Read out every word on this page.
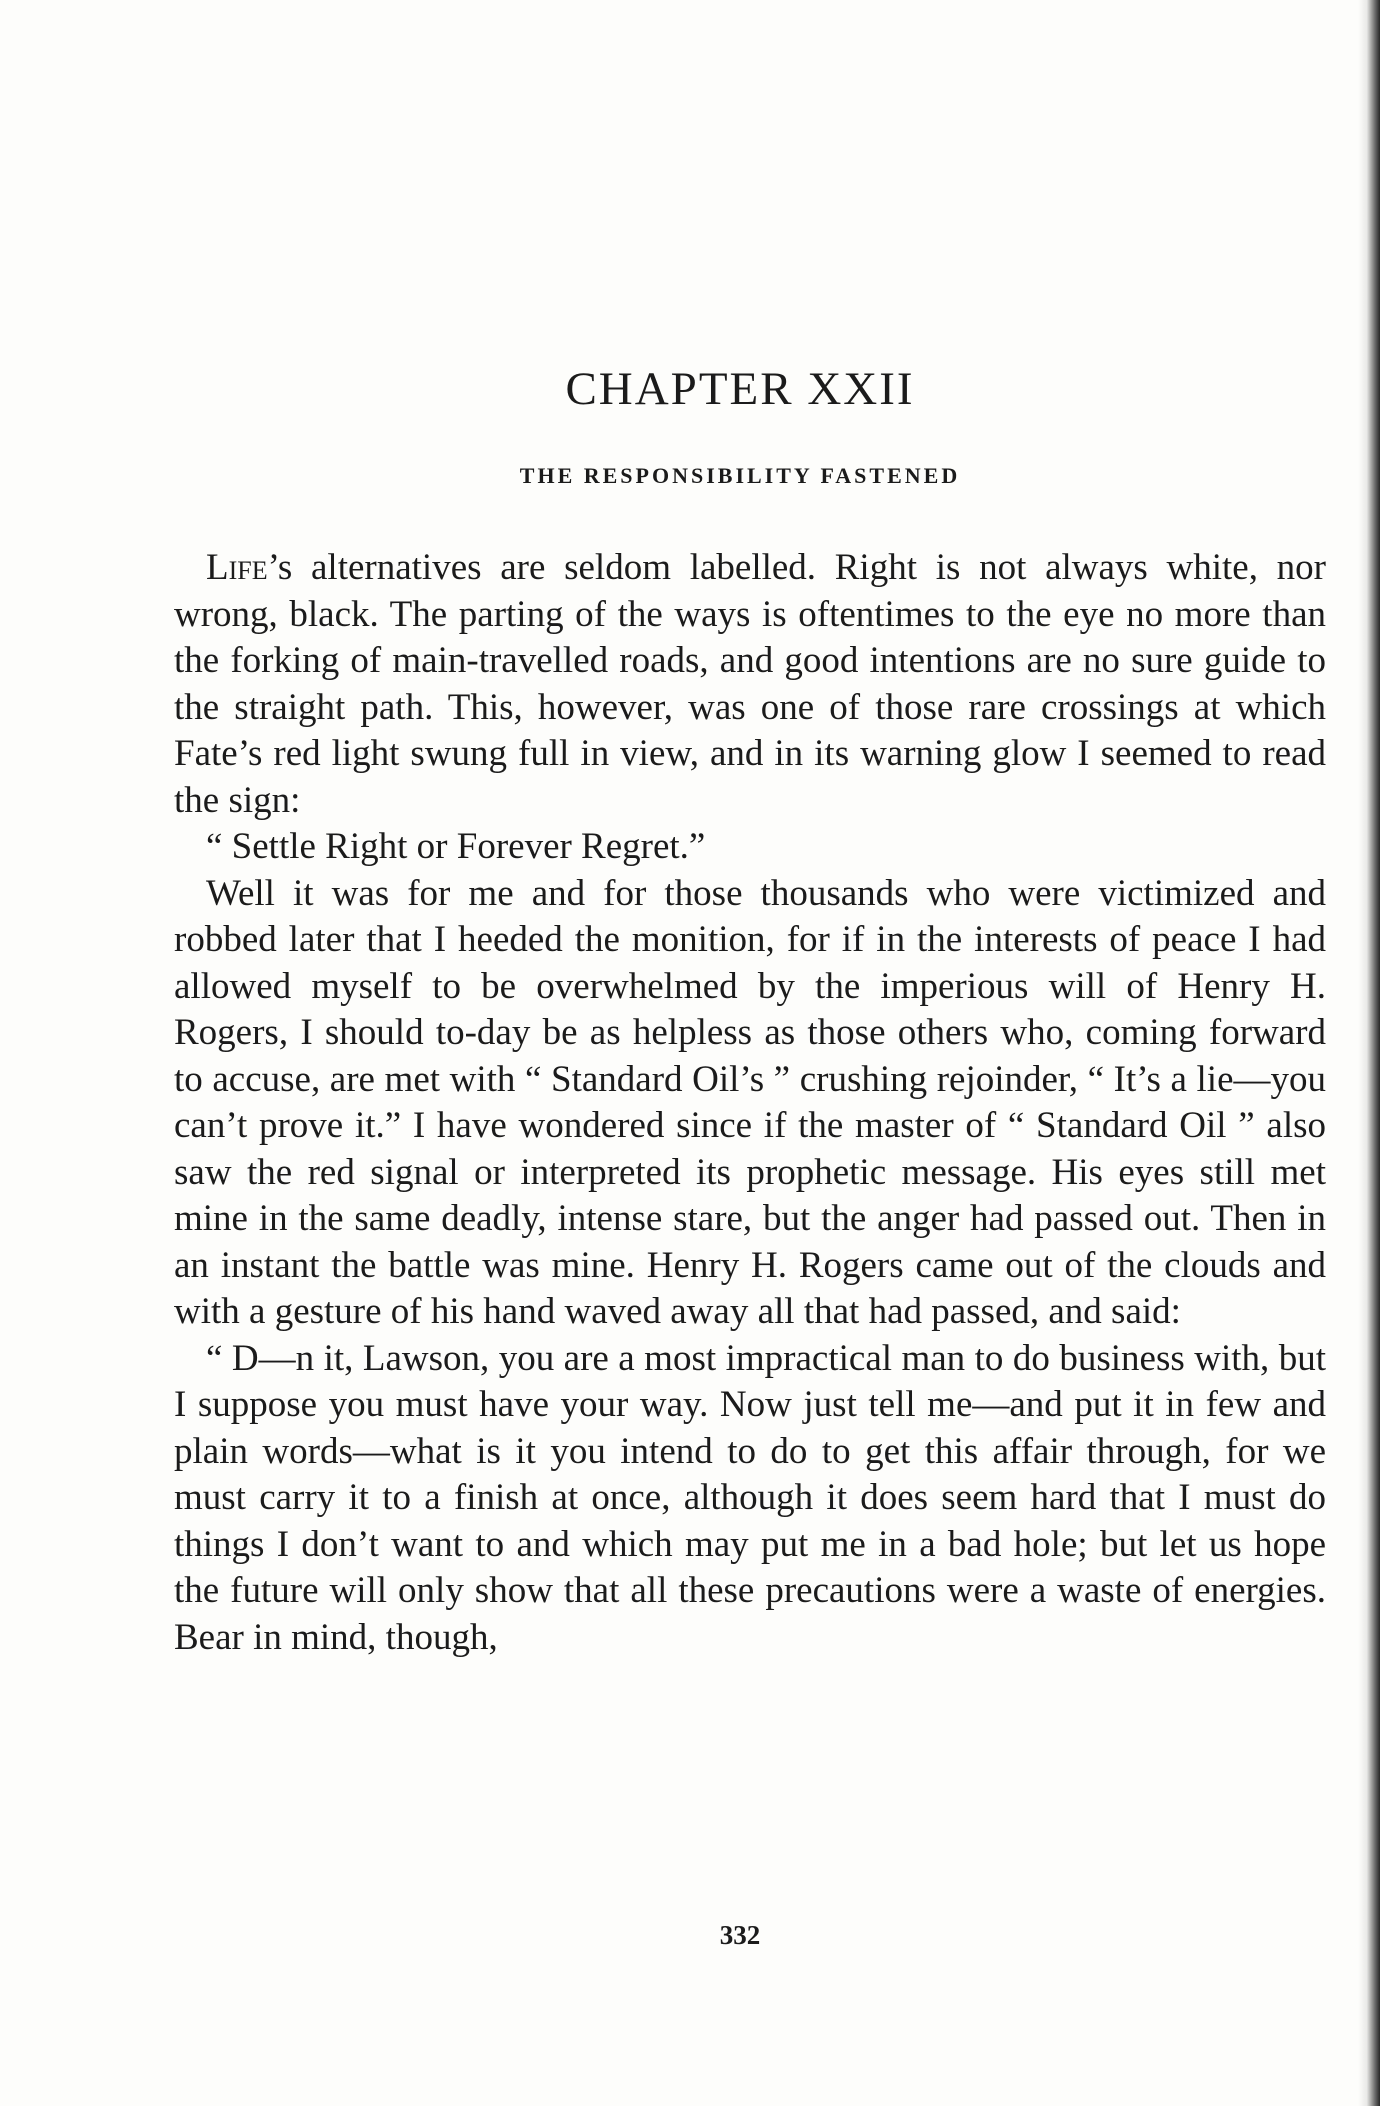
CHAPTER XXII
THE RESPONSIBILITY FASTENED

Life’s alternatives are seldom labelled. Right is not always white, nor wrong, black. The parting of the ways is oftentimes to the eye no more than the forking of main-travelled roads, and good intentions are no sure guide to the straight path. This, however, was one of those rare crossings at which Fate’s red light swung full in view, and in its warning glow I seemed to read the sign:

“ Settle Right or Forever Regret.”

Well it was for me and for those thousands who were victimized and robbed later that I heeded the monition, for if in the interests of peace I had allowed myself to be overwhelmed by the imperious will of Henry H. Rogers, I should to-day be as helpless as those others who, coming forward to accuse, are met with “ Standard Oil’s ” crushing rejoinder, “ It’s a lie—you can’t prove it.” I have wondered since if the master of “ Standard Oil ” also saw the red signal or interpreted its prophetic message. His eyes still met mine in the same deadly, intense stare, but the anger had passed out. Then in an instant the battle was mine. Henry H. Rogers came out of the clouds and with a gesture of his hand waved away all that had passed, and said:

“ D—n it, Lawson, you are a most impractical man to do business with, but I suppose you must have your way. Now just tell me—and put it in few and plain words—what is it you intend to do to get this affair through, for we must carry it to a finish at once, although it does seem hard that I must do things I don’t want to and which may put me in a bad hole; but let us hope the future will only show that all these precautions were a waste of energies. Bear in mind, though,

332
